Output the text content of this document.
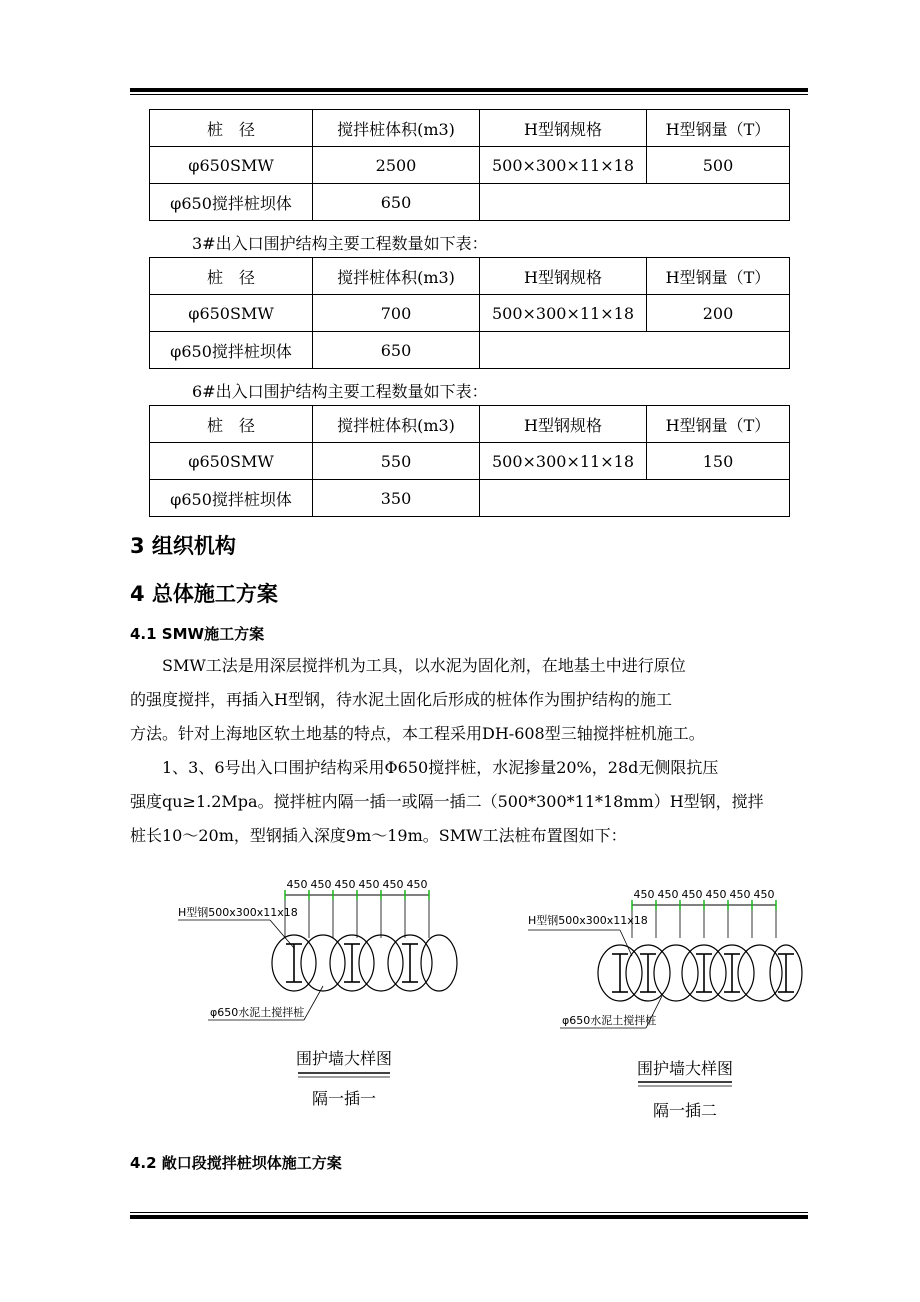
桩　径	搅拌桩体积(m3)	H型钢规格	H型钢量（T）
φ650SMW	2500	500×300×11×18	500
φ650搅拌桩坝体	650		
3#出入口围护结构主要工程数量如下表：
桩　径	搅拌桩体积(m3)	H型钢规格	H型钢量（T）
φ650SMW	700	500×300×11×18	200
φ650搅拌桩坝体	650		
6#出入口围护结构主要工程数量如下表：
桩　径	搅拌桩体积(m3)	H型钢规格	H型钢量（T）
φ650SMW	550	500×300×11×18	150
φ650搅拌桩坝体	350		
3 组织机构
4 总体施工方案
4.1 SMW施工方案
SMW工法是用深层搅拌机为工具，以水泥为固化剂，在地基土中进行原位
的强度搅拌，再插入H型钢，待水泥土固化后形成的桩体作为围护结构的施工
方法。针对上海地区软土地基的特点，本工程采用DH-608型三轴搅拌桩机施工。
1、3、6号出入口围护结构采用Φ650搅拌桩，水泥掺量20%，28d无侧限抗压
强度qu≥1.2Mpa。搅拌桩内隔一插一或隔一插二（500*300*11*18mm）H型钢，搅拌
桩长10～20m，型钢插入深度9m～19m。SMW工法桩布置图如下：
450 450 450 450 450 450
H型钢500x300x11x18
φ650水泥土搅拌桩
围护墙大样图
隔一插一
450 450 450 450 450 450
H型钢500x300x11x18
φ650水泥土搅拌桩
围护墙大样图
隔一插二
4.2 敞口段搅拌桩坝体施工方案
